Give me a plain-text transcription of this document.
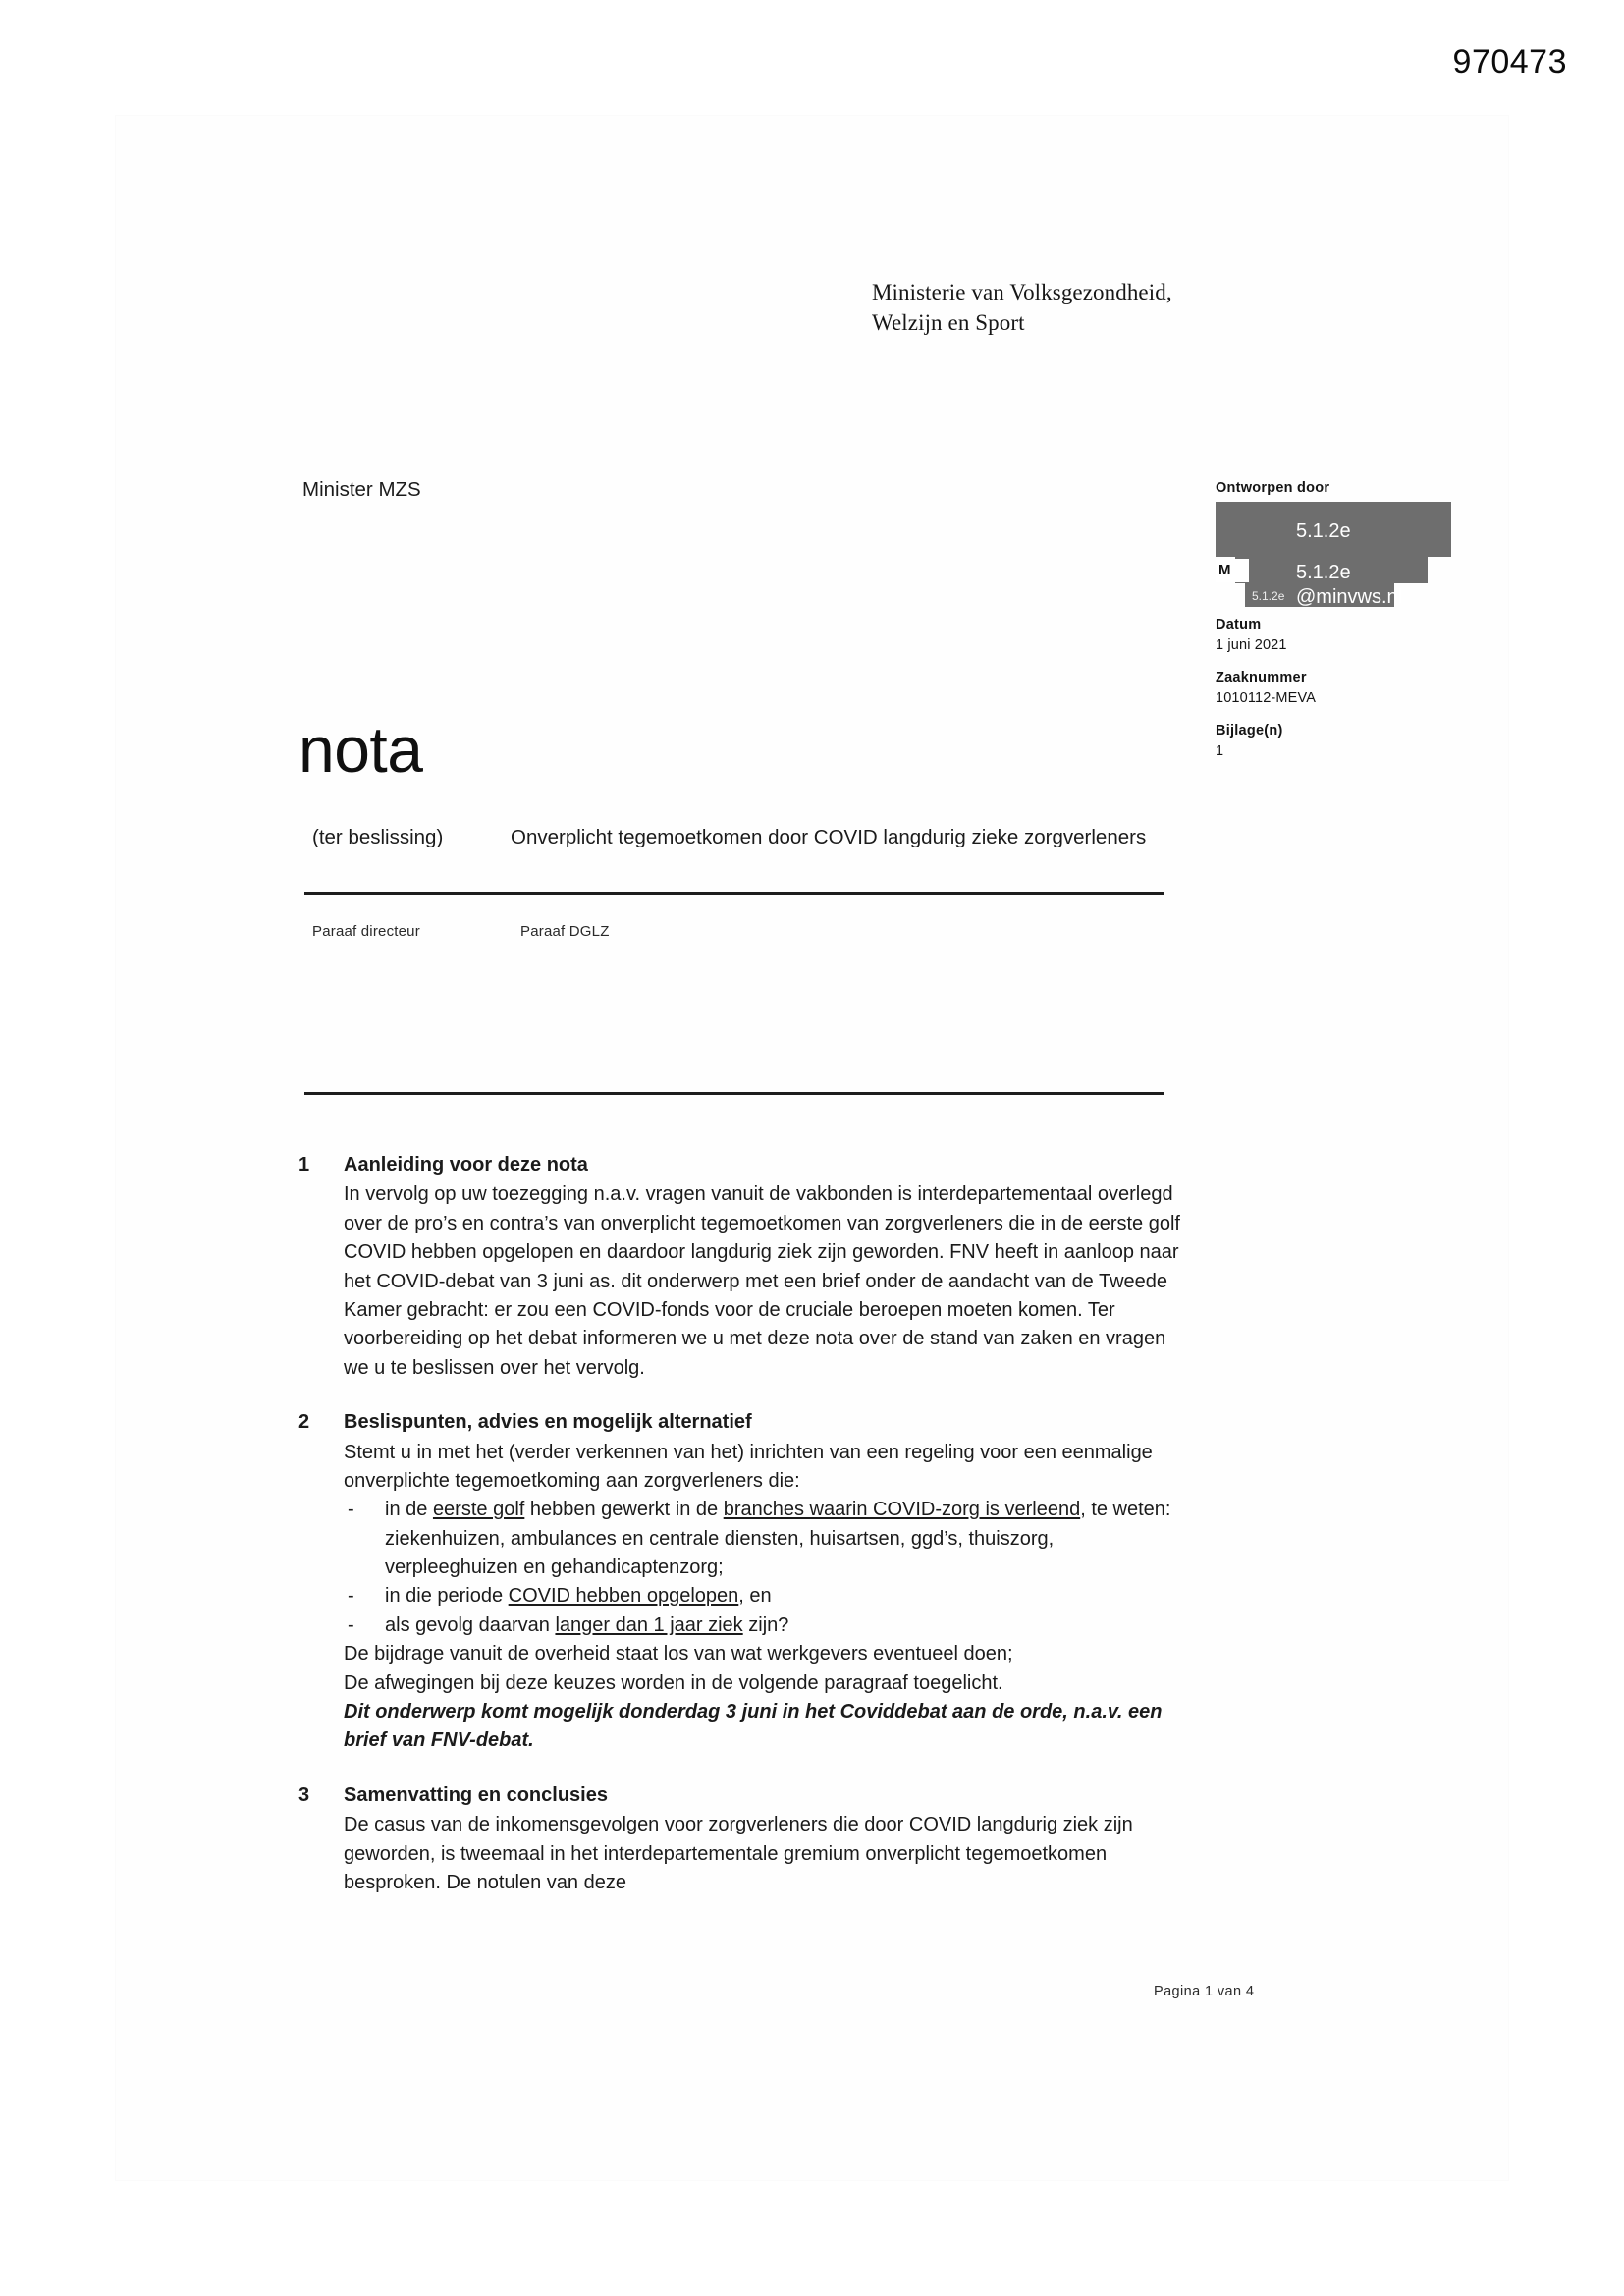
970473
Ministerie van Volksgezondheid,
Welzijn en Sport
Minister MZS	Ontworpen door
5.1.2e
M	5.1.2e
5.1.2e @minvws.nl
Datum
1 juni 2021
Zaaknummer
1010112-MEVA
Bijlage(n)
1
nota
(ter beslissing)	Onverplicht tegemoetkomen door COVID langdurig zieke zorgverleners
Paraaf directeur	Paraaf DGLZ
1	Aanleiding voor deze nota

In vervolg op uw toezegging n.a.v. vragen vanuit de vakbonden is interdepartementaal overlegd over de pro’s en contra’s van onverplicht tegemoetkomen van zorgverleners die in de eerste golf COVID hebben opgelopen en daardoor langdurig ziek zijn geworden. FNV heeft in aanloop naar het COVID-debat van 3 juni as. dit onderwerp met een brief onder de aandacht van de Tweede Kamer gebracht: er zou een COVID-fonds voor de cruciale beroepen moeten komen. Ter voorbereiding op het debat informeren we u met deze nota over de stand van zaken en vragen we u te beslissen over het vervolg.

2	Beslispunten, advies en mogelijk alternatief

Stemt u in met het (verder verkennen van het) inrichten van een regeling voor een eenmalige onverplichte tegemoetkoming aan zorgverleners die:

- in de eerste golf hebben gewerkt in de branches waarin COVID-zorg is verleend, te weten: ziekenhuizen, ambulances en centrale diensten, huisartsen, ggd’s, thuiszorg, verpleeghuizen en gehandicaptenzorg;
- in die periode COVID hebben opgelopen, en
- als gevolg daarvan langer dan 1 jaar ziek zijn?

De bijdrage vanuit de overheid staat los van wat werkgevers eventueel doen;

De afwegingen bij deze keuzes worden in de volgende paragraaf toegelicht.

Dit onderwerp komt mogelijk donderdag 3 juni in het Coviddebat aan de orde, n.a.v. een brief van FNV-debat.

3	Samenvatting en conclusies

De casus van de inkomensgevolgen voor zorgverleners die door COVID langdurig ziek zijn geworden, is tweemaal in het interdepartementale gremium onverplicht tegemoetkomen besproken. De notulen van deze

Pagina 1 van 4
